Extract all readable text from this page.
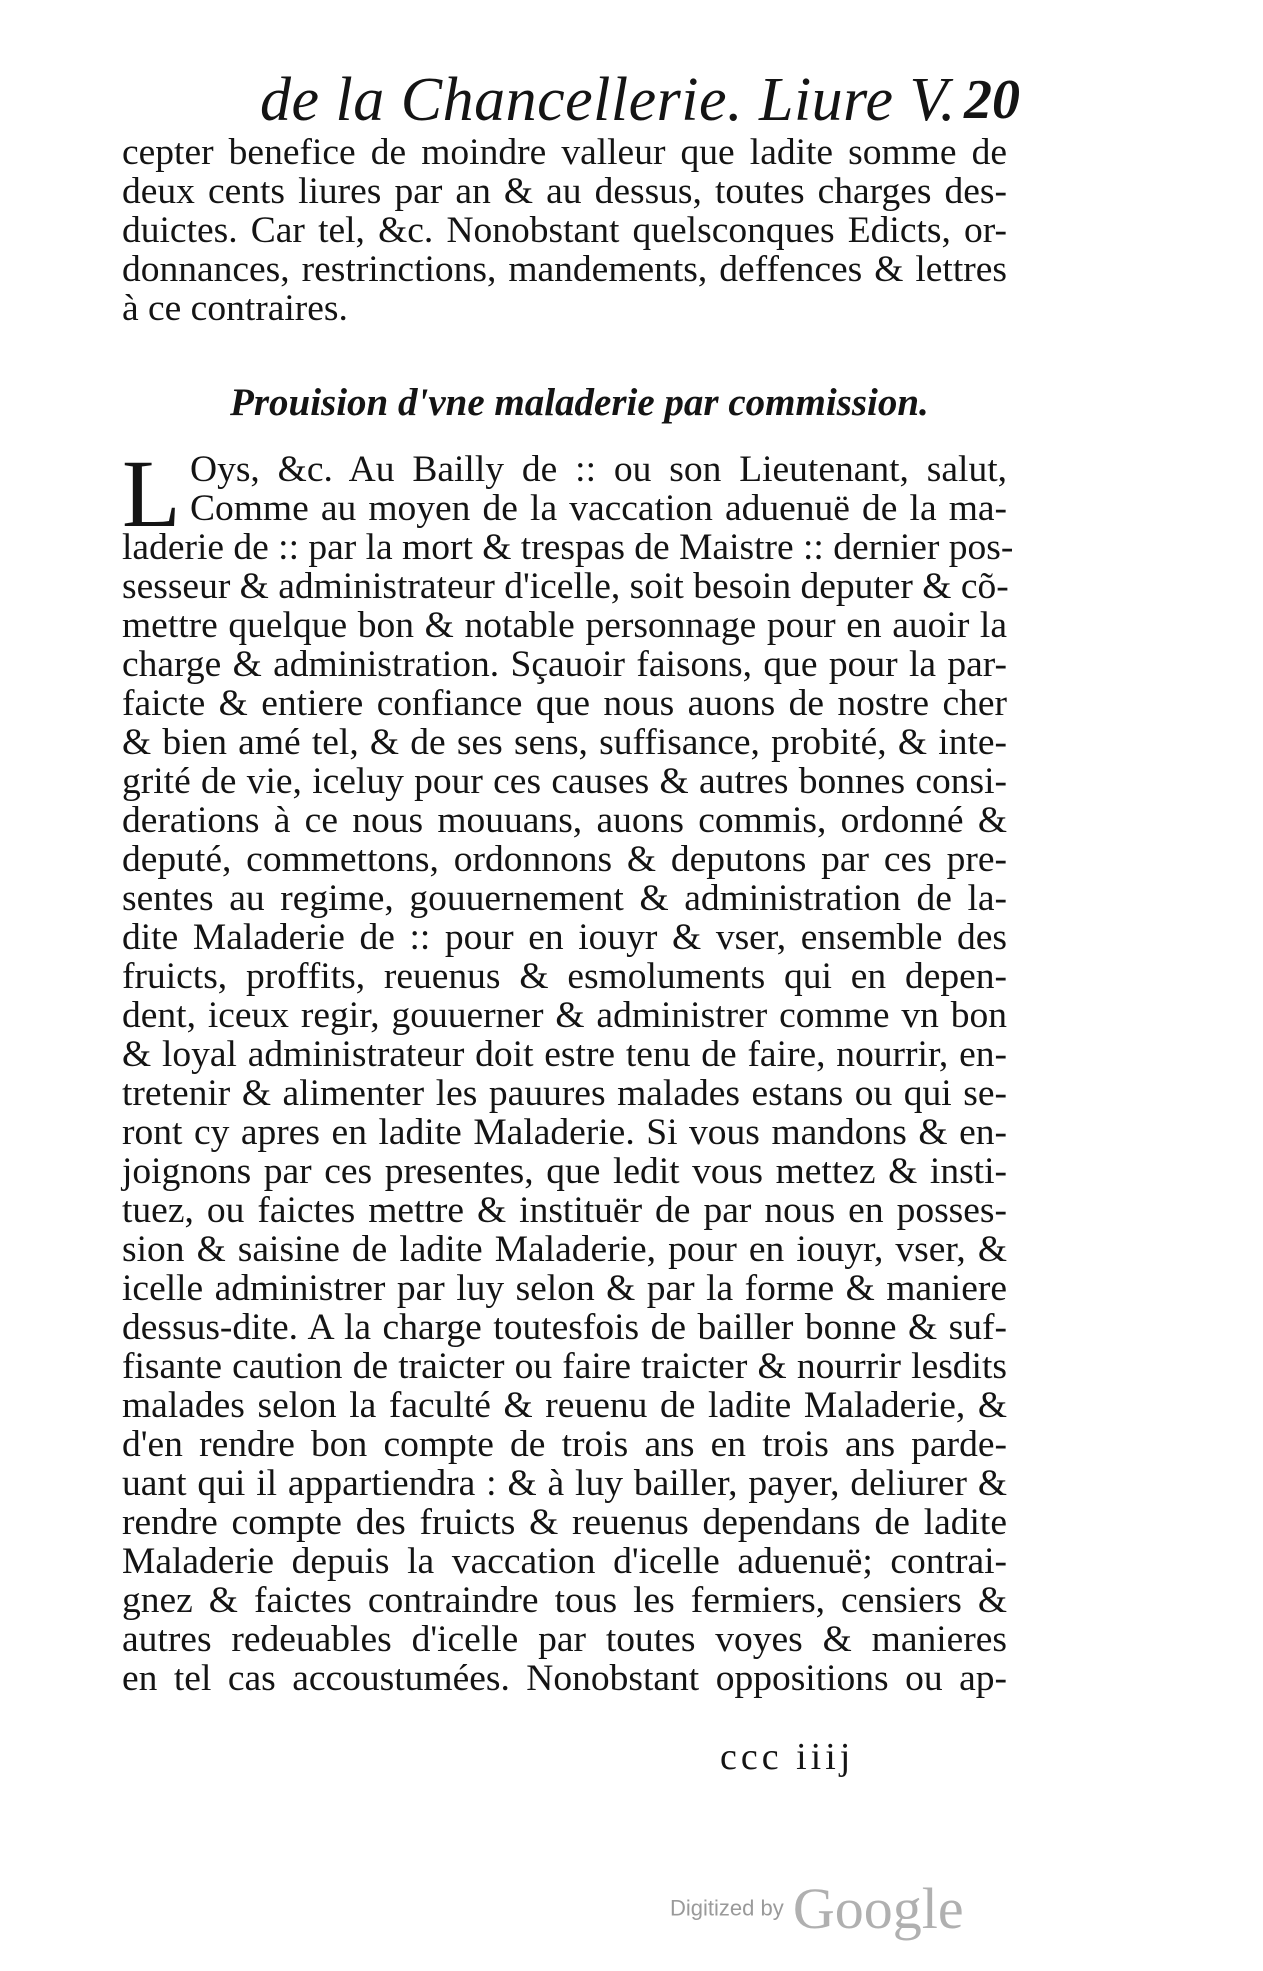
de la Chancellerie. Liure V. 20
cepter benefice de moindre valleur que ladite somme de
deux cents liures par an & au dessus, toutes charges des-
duictes. Car tel, &c. Nonobstant quelsconques Edicts, or-
donnances, restrinctions, mandements, deffences & lettres
à ce contraires.
Prouision d'vne maladerie par commission.
L Oys, &c. Au Bailly de :: ou son Lieutenant, salut,
Comme au moyen de la vaccation aduenuë de la ma-
laderie de :: par la mort & trespas de Maistre :: dernier pos-
sesseur & administrateur d'icelle, soit besoin deputer & cõ-
mettre quelque bon & notable personnage pour en auoir la
charge & administration. Sçauoir faisons, que pour la par-
faicte & entiere confiance que nous auons de nostre cher
& bien amé tel, & de ses sens, suffisance, probité, & inte-
grité de vie, iceluy pour ces causes & autres bonnes consi-
derations à ce nous mouuans, auons commis, ordonné &
deputé, commettons, ordonnons & deputons par ces pre-
sentes au regime, gouuernement & administration de la-
dite Maladerie de :: pour en iouyr & vser, ensemble des
fruicts, proffits, reuenus & esmoluments qui en depen-
dent, iceux regir, gouuerner & administrer comme vn bon
& loyal administrateur doit estre tenu de faire, nourrir, en-
tretenir & alimenter les pauures malades estans ou qui se-
ront cy apres en ladite Maladerie. Si vous mandons & en-
joignons par ces presentes, que ledit vous mettez & insti-
tuez, ou faictes mettre & instituër de par nous en posses-
sion & saisine de ladite Maladerie, pour en iouyr, vser, &
icelle administrer par luy selon & par la forme & maniere
dessus-dite. A la charge toutesfois de bailler bonne & suf-
fisante caution de traicter ou faire traicter & nourrir lesdits
malades selon la faculté & reuenu de ladite Maladerie, &
d'en rendre bon compte de trois ans en trois ans parde-
uant qui il appartiendra : & à luy bailler, payer, deliurer &
rendre compte des fruicts & reuenus dependans de ladite
Maladerie depuis la vaccation d'icelle aduenuë; contrai-
gnez & faictes contraindre tous les fermiers, censiers &
autres redeuables d'icelle par toutes voyes & manieres
en tel cas accoustumées. Nonobstant oppositions ou ap-
ccc iiij
Digitized by Google
